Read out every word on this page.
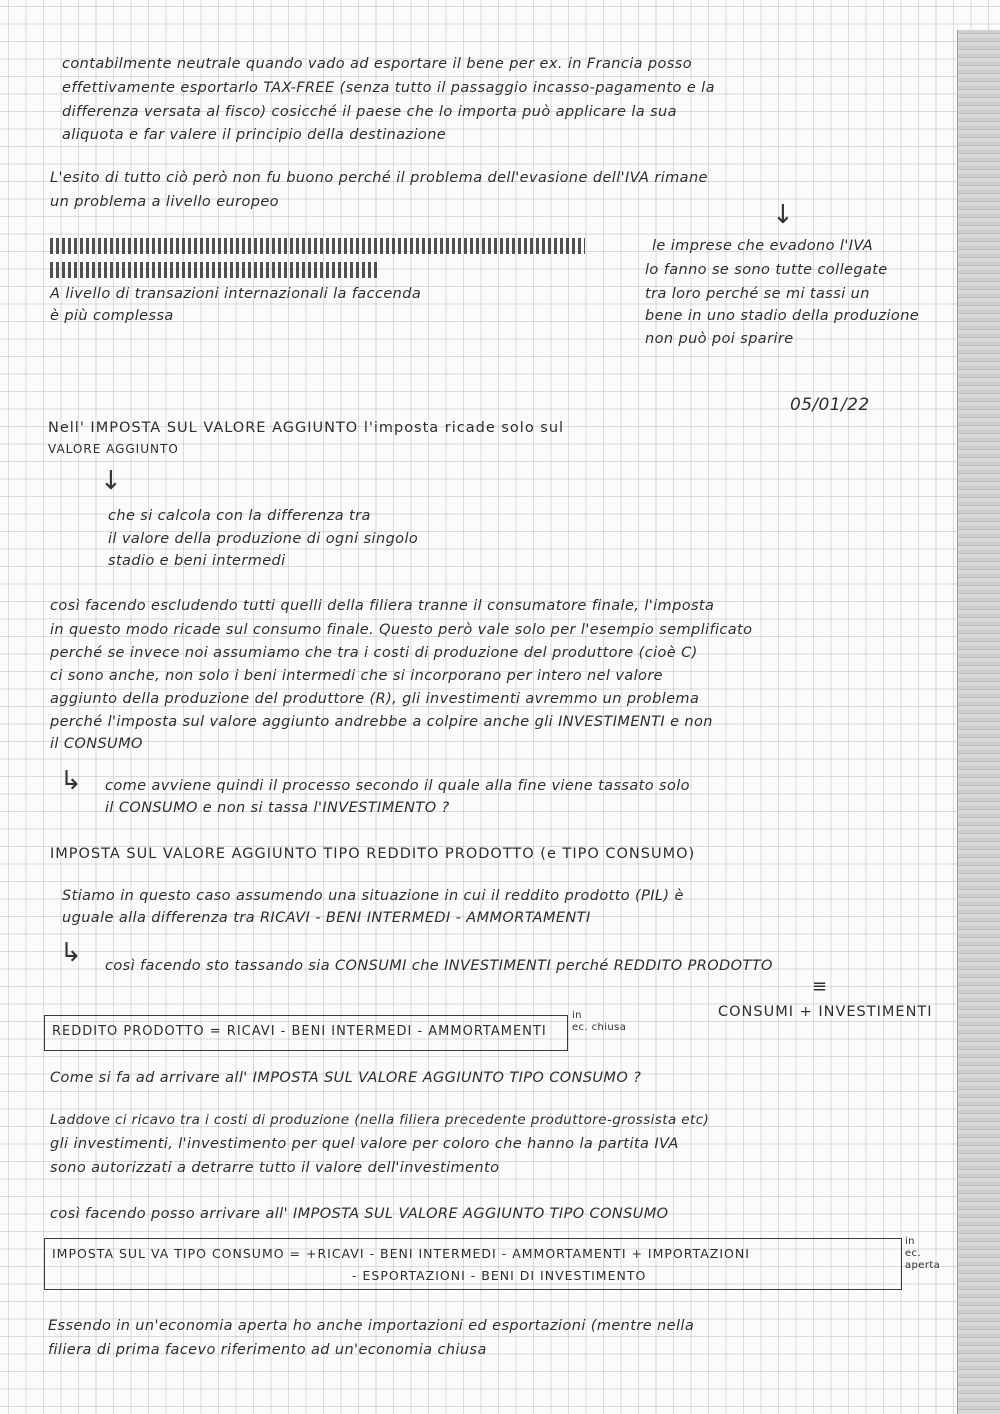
contabilmente neutrale quando vado ad esportare il bene per ex. in Francia posso

effettivamente esportarlo TAX-FREE (senza tutto il passaggio incasso-pagamento e la

differenza versata al fisco) cosicché il paese che lo importa può applicare la sua

aliquota e far valere il principio della destinazione

L'esito di tutto ciò però non fu buono perché il problema dell'evasione dell'IVA rimane

un problema a livello europeo	↓

A livello di transazioni internazionali la faccenda

è più complessa

le imprese che evadono l'IVA

lo fanno se sono tutte collegate

tra loro perché se mi tassi un

bene in uno stadio della produzione

non può poi sparire

05/01/22

Nell' IMPOSTA SUL VALORE AGGIUNTO l'imposta ricade solo sul

VALORE AGGIUNTO

↓

che si calcola con la differenza tra

il valore della produzione di ogni singolo

stadio e beni intermedi

così facendo escludendo tutti quelli della filiera tranne il consumatore finale, l'imposta

in questo modo ricade sul consumo finale. Questo però vale solo per l'esempio semplificato

perché se invece noi assumiamo che tra i costi di produzione del produttore (cioè C)

ci sono anche, non solo i beni intermedi che si incorporano per intero nel valore

aggiunto della produzione del produttore (R), gli investimenti avremmo un problema

perché l'imposta sul valore aggiunto andrebbe a colpire anche gli INVESTIMENTI e non

il CONSUMO

↳ come avviene quindi il processo secondo il quale alla fine viene tassato solo

il CONSUMO e non si tassa l'INVESTIMENTO ?

IMPOSTA SUL VALORE AGGIUNTO TIPO REDDITO PRODOTTO (e TIPO CONSUMO)

Stiamo in questo caso assumendo una situazione in cui il reddito prodotto (PIL) è

uguale alla differenza tra RICAVI - BENI INTERMEDI - AMMORTAMENTI

↳ così facendo sto tassando sia CONSUMI che INVESTIMENTI perché REDDITO PRODOTTO

≡

CONSUMI + INVESTIMENTI

REDDITO PRODOTTO = RICAVI - BENI INTERMEDI - AMMORTAMENTI

in

ec. chiusa

Come si fa ad arrivare all' IMPOSTA SUL VALORE AGGIUNTO TIPO CONSUMO ?

Laddove ci ricavo tra i costi di produzione (nella filiera precedente produttore-grossista etc)

gli investimenti, l'investimento per quel valore per coloro che hanno la partita IVA

sono autorizzati a detrarre tutto il valore dell'investimento

così facendo posso arrivare all' IMPOSTA SUL VALORE AGGIUNTO TIPO CONSUMO

IMPOSTA SUL VA TIPO CONSUMO = +RICAVI - BENI INTERMEDI - AMMORTAMENTI + IMPORTAZIONI

- ESPORTAZIONI - BENI DI INVESTIMENTO

in

ec.

aperta

Essendo in un'economia aperta ho anche importazioni ed esportazioni (mentre nella

filiera di prima facevo riferimento ad un'economia chiusa
